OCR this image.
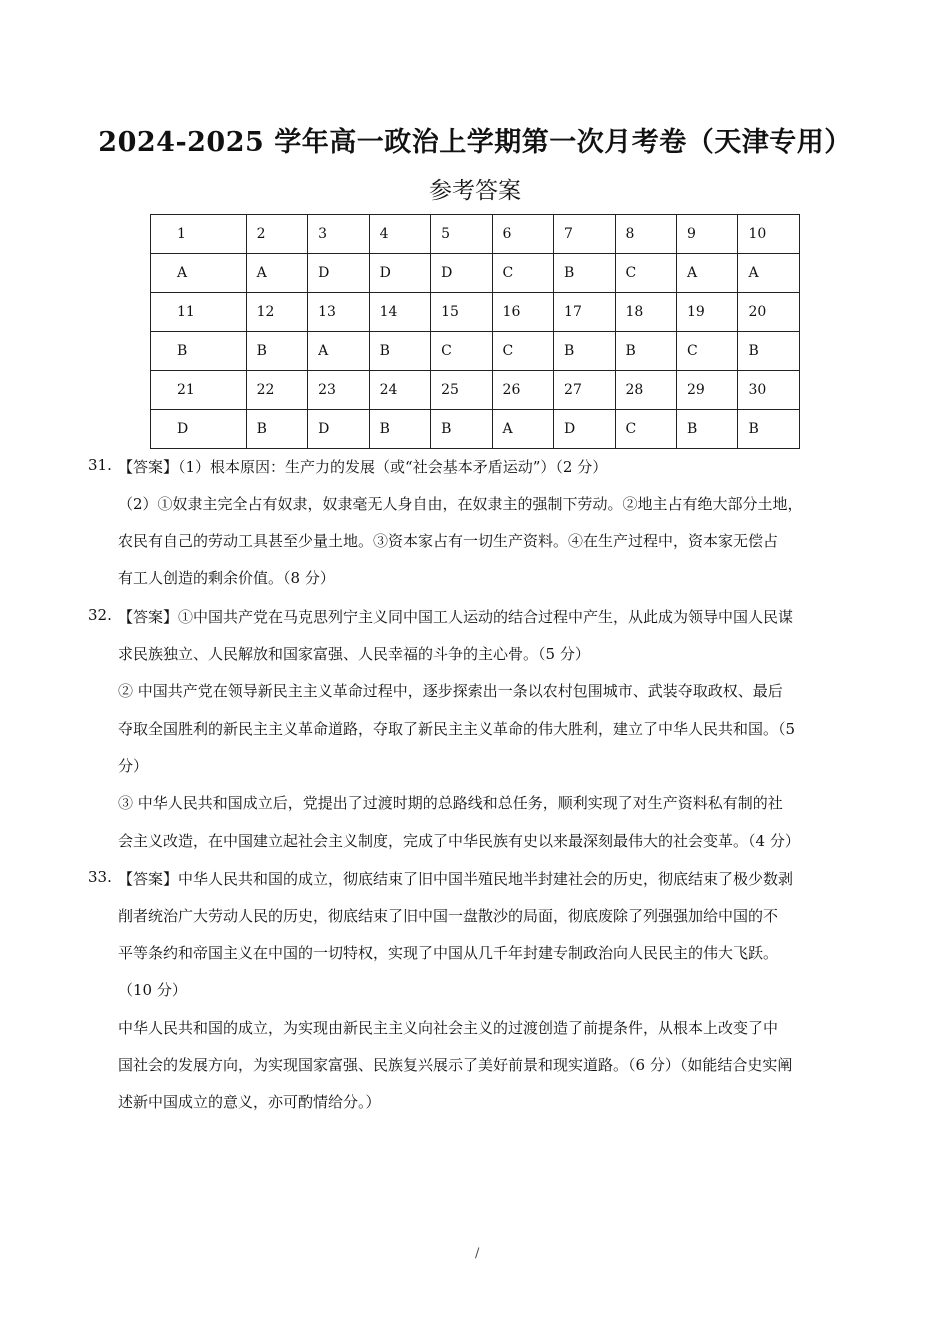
2024-2025 学年高一政治上学期第一次月考卷（天津专用）
参考答案
1	2	3	4	5	6	7	8	9	10
A	A	D	D	D	C	B	C	A	A
11	12	13	14	15	16	17	18	19	20
B	B	A	B	C	C	B	B	C	B
21	22	23	24	25	26	27	28	29	30
D	B	D	B	B	A	D	C	B	B
31. 【答案】（1）根本原因：生产力的发展（或“社会基本矛盾运动”）（2 分）
（2）①奴隶主完全占有奴隶，奴隶毫无人身自由，在奴隶主的强制下劳动。②地主占有绝大部分土地，
农民有自己的劳动工具甚至少量土地。③资本家占有一切生产资料。④在生产过程中，资本家无偿占
有工人创造的剩余价值。（8 分）
32. 【答案】①中国共产党在马克思列宁主义同中国工人运动的结合过程中产生，从此成为领导中国人民谋
求民族独立、人民解放和国家富强、人民幸福的斗争的主心骨。（5 分）
② 中国共产党在领导新民主主义革命过程中，逐步探索出一条以农村包围城市、武装夺取政权、最后
夺取全国胜利的新民主主义革命道路，夺取了新民主主义革命的伟大胜利，建立了中华人民共和国。（5
分）
③ 中华人民共和国成立后，党提出了过渡时期的总路线和总任务，顺利实现了对生产资料私有制的社
会主义改造，在中国建立起社会主义制度，完成了中华民族有史以来最深刻最伟大的社会变革。（4 分）
33. 【答案】中华人民共和国的成立，彻底结束了旧中国半殖民地半封建社会的历史，彻底结束了极少数剥
削者统治广大劳动人民的历史，彻底结束了旧中国一盘散沙的局面，彻底废除了列强强加给中国的不
平等条约和帝国主义在中国的一切特权，实现了中国从几千年封建专制政治向人民民主的伟大飞跃。
（10 分）
中华人民共和国的成立，为实现由新民主主义向社会主义的过渡创造了前提条件，从根本上改变了中
国社会的发展方向，为实现国家富强、民族复兴展示了美好前景和现实道路。（6 分）（如能结合史实阐
述新中国成立的意义，亦可酌情给分。）
/
